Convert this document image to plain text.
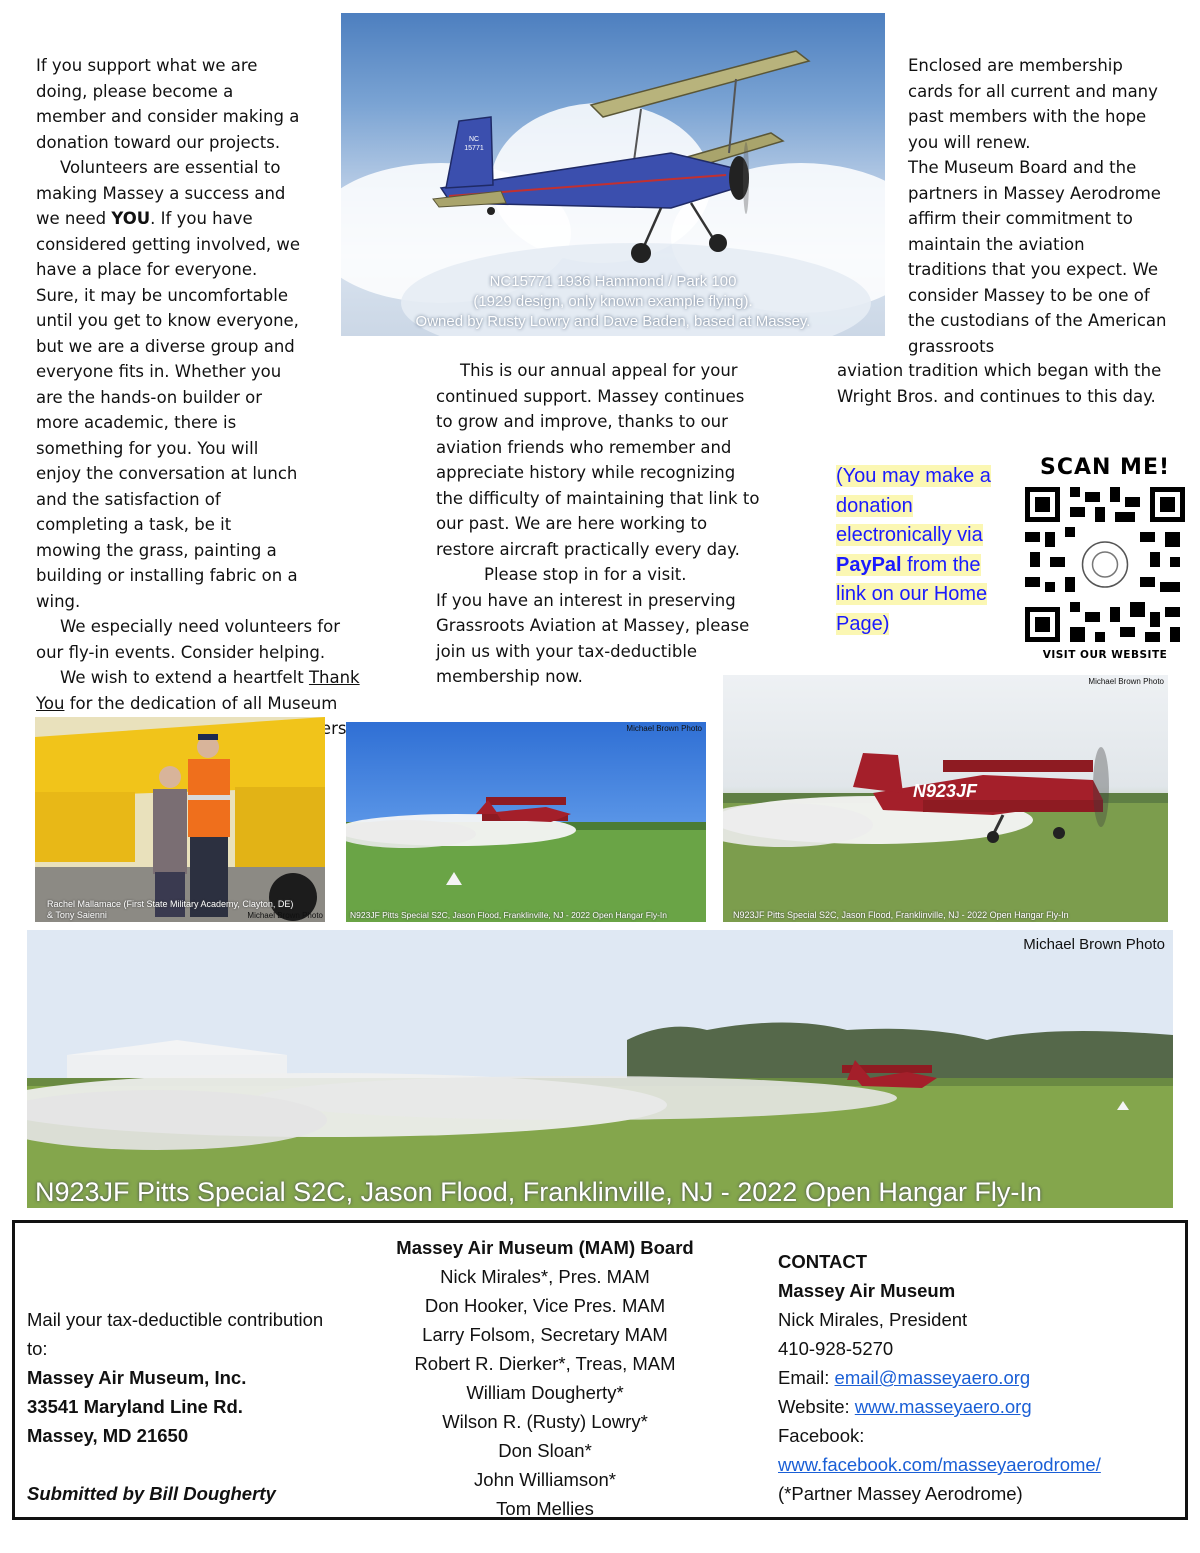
If you support what we are doing, please become a member and consider making a donation toward our projects.
Volunteers are essential to making Massey a success and we need YOU. If you have considered getting involved, we have a place for everyone. Sure, it may be uncomfortable until you get to know everyone, but we are a diverse group and everyone fits in. Whether you are the hands-on builder or more academic, there is something for you. You will enjoy the conversation at lunch and the satisfaction of completing a task, be it mowing the grass, painting a building or installing fabric on a wing.
We especially need volunteers for our fly-in events. Consider helping.
We wish to extend a heartfelt Thank You for the dedication of all Museum
NC 15771
NC15771 1936 Hammond / Park 100
(1929 design, only known example flying).
Owned by Rusty Lowry and Dave Baden, based at Massey.
This is our annual appeal for your continued support. Massey continues to grow and improve, thanks to our aviation friends who remember and appreciate history while recognizing the difficulty of maintaining that link to our past. We are here working to restore aircraft practically every day.
Please stop in for a visit.
If you have an interest in preserving Grassroots Aviation at Massey, please join us with your tax-deductible membership now.
Enclosed are membership cards for all current and many past members with the hope you will renew.
The Museum Board and the partners in Massey Aerodrome affirm their commitment to maintain the aviation traditions that you expect. We consider Massey to be one of the custodians of the American grassroots
aviation tradition which began with the Wright Bros. and continues to this day.
(You may make a donation electronically via PayPal from the link on our Home Page)
SCAN ME!
VISIT OUR WEBSITE
Rachel Mallamace (First State Military Academy, Clayton, DE)
& Tony Saienni	Michael Brown Photo
Michael Brown Photo
N923JF Pitts Special S2C, Jason Flood, Franklinville, NJ - 2022 Open Hangar Fly-In
N923JF
Michael Brown Photo
N923JF Pitts Special S2C, Jason Flood, Franklinville, NJ - 2022 Open Hangar Fly-In
Michael Brown Photo
N923JF Pitts Special S2C, Jason Flood, Franklinville, NJ - 2022 Open Hangar Fly-In
Mail your tax-deductible contribution to:
Massey Air Museum, Inc.
33541 Maryland Line Rd.
Massey, MD 21650
Submitted by Bill Dougherty
Massey Air Museum (MAM) Board
Nick Mirales*, Pres. MAM
Don Hooker, Vice Pres. MAM
Larry Folsom, Secretary MAM
Robert R. Dierker*, Treas, MAM
William Dougherty*
Wilson R. (Rusty) Lowry*
Don Sloan*
John Williamson*
Tom Mellies
CONTACT
Massey Air Museum
Nick Mirales, President
410-928-5270
Email: email@masseyaero.org
Website: www.masseyaero.org
Facebook:
www.facebook.com/masseyaerodrome/
(*Partner Massey Aerodrome)
